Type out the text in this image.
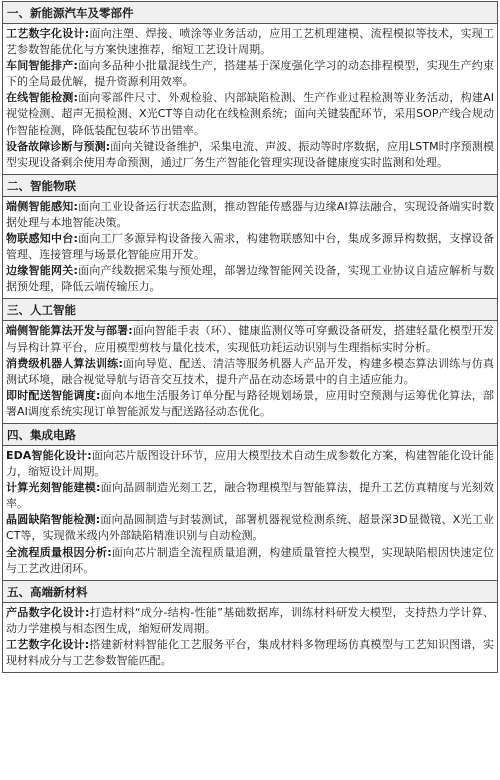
一、新能源汽车及零部件

工艺数字化设计:面向注塑、焊接、喷涂等业务活动，应用工艺机理建模、流程模拟等技术，实现工艺参数智能优化与方案快速推荐，缩短工艺设计周期。

车间智能排产:面向多品种小批量混线生产，搭建基于深度强化学习的动态排程模型，实现生产约束下的全局最优解，提升资源利用效率。

在线智能检测:面向零部件尺寸、外观检验、内部缺陷检测、生产作业过程检测等业务活动，构建AI视觉检测、超声无损检测、X光CT等自动化在线检测系统；面向关键装配环节，采用SOP产线合规动作智能检测，降低装配包装环节出错率。

设备故障诊断与预测:面向关键设备维护，采集电流、声波、振动等时序数据，应用LSTM时序预测模型实现设备剩余使用寿命预测，通过厂务生产智能化管理实现设备健康度实时监测和处理。

二、智能物联

端侧智能感知:面向工业设备运行状态监测，推动智能传感器与边缘AI算法融合，实现设备端实时数据处理与本地智能决策。

物联感知中台:面向工厂多源异构设备接入需求，构建物联感知中台，集成多源异构数据，支撑设备管理、连接管理与场景化智能应用开发。

边缘智能网关:面向产线数据采集与预处理，部署边缘智能网关设备，实现工业协议自适应解析与数据预处理，降低云端传输压力。

三、人工智能

端侧智能算法开发与部署:面向智能手表（环）、健康监测仪等可穿戴设备研发，搭建轻量化模型开发与异构计算平台，应用模型剪枝与量化技术，实现低功耗运动识别与生理指标实时分析。

消费级机器人算法训练:面向导览、配送、清洁等服务机器人产品开发，构建多模态算法训练与仿真测试环境，融合视觉导航与语音交互技术，提升产品在动态场景中的自主适应能力。

即时配送智能调度:面向本地生活服务订单分配与路径规划场景，应用时空预测与运筹优化算法，部署AI调度系统实现订单智能派发与配送路径动态优化。

四、集成电路

EDA智能化设计:面向芯片版图设计环节，应用大模型技术自动生成参数化方案，构建智能化设计能力，缩短设计周期。

计算光刻智能建模:面向晶圆制造光刻工艺，融合物理模型与智能算法，提升工艺仿真精度与光刻效率。

晶圆缺陷智能检测:面向晶圆制造与封装测试，部署机器视觉检测系统、超景深3D显微镜、X光工业CT等，实现微米级内外部缺陷精准识别与自动检测。

全流程质量根因分析:面向芯片制造全流程质量追溯，构建质量管控大模型，实现缺陷根因快速定位与工艺改进闭环。

五、高端新材料

产品数字化设计:打造材料“成分-结构-性能”基础数据库，训练材料研发大模型，支持热力学计算、动力学建模与相态图生成，缩短研发周期。

工艺数字化设计:搭建新材料智能化工艺服务平台，集成材料多物理场仿真模型与工艺知识图谱，实现材料成分与工艺参数智能匹配。
